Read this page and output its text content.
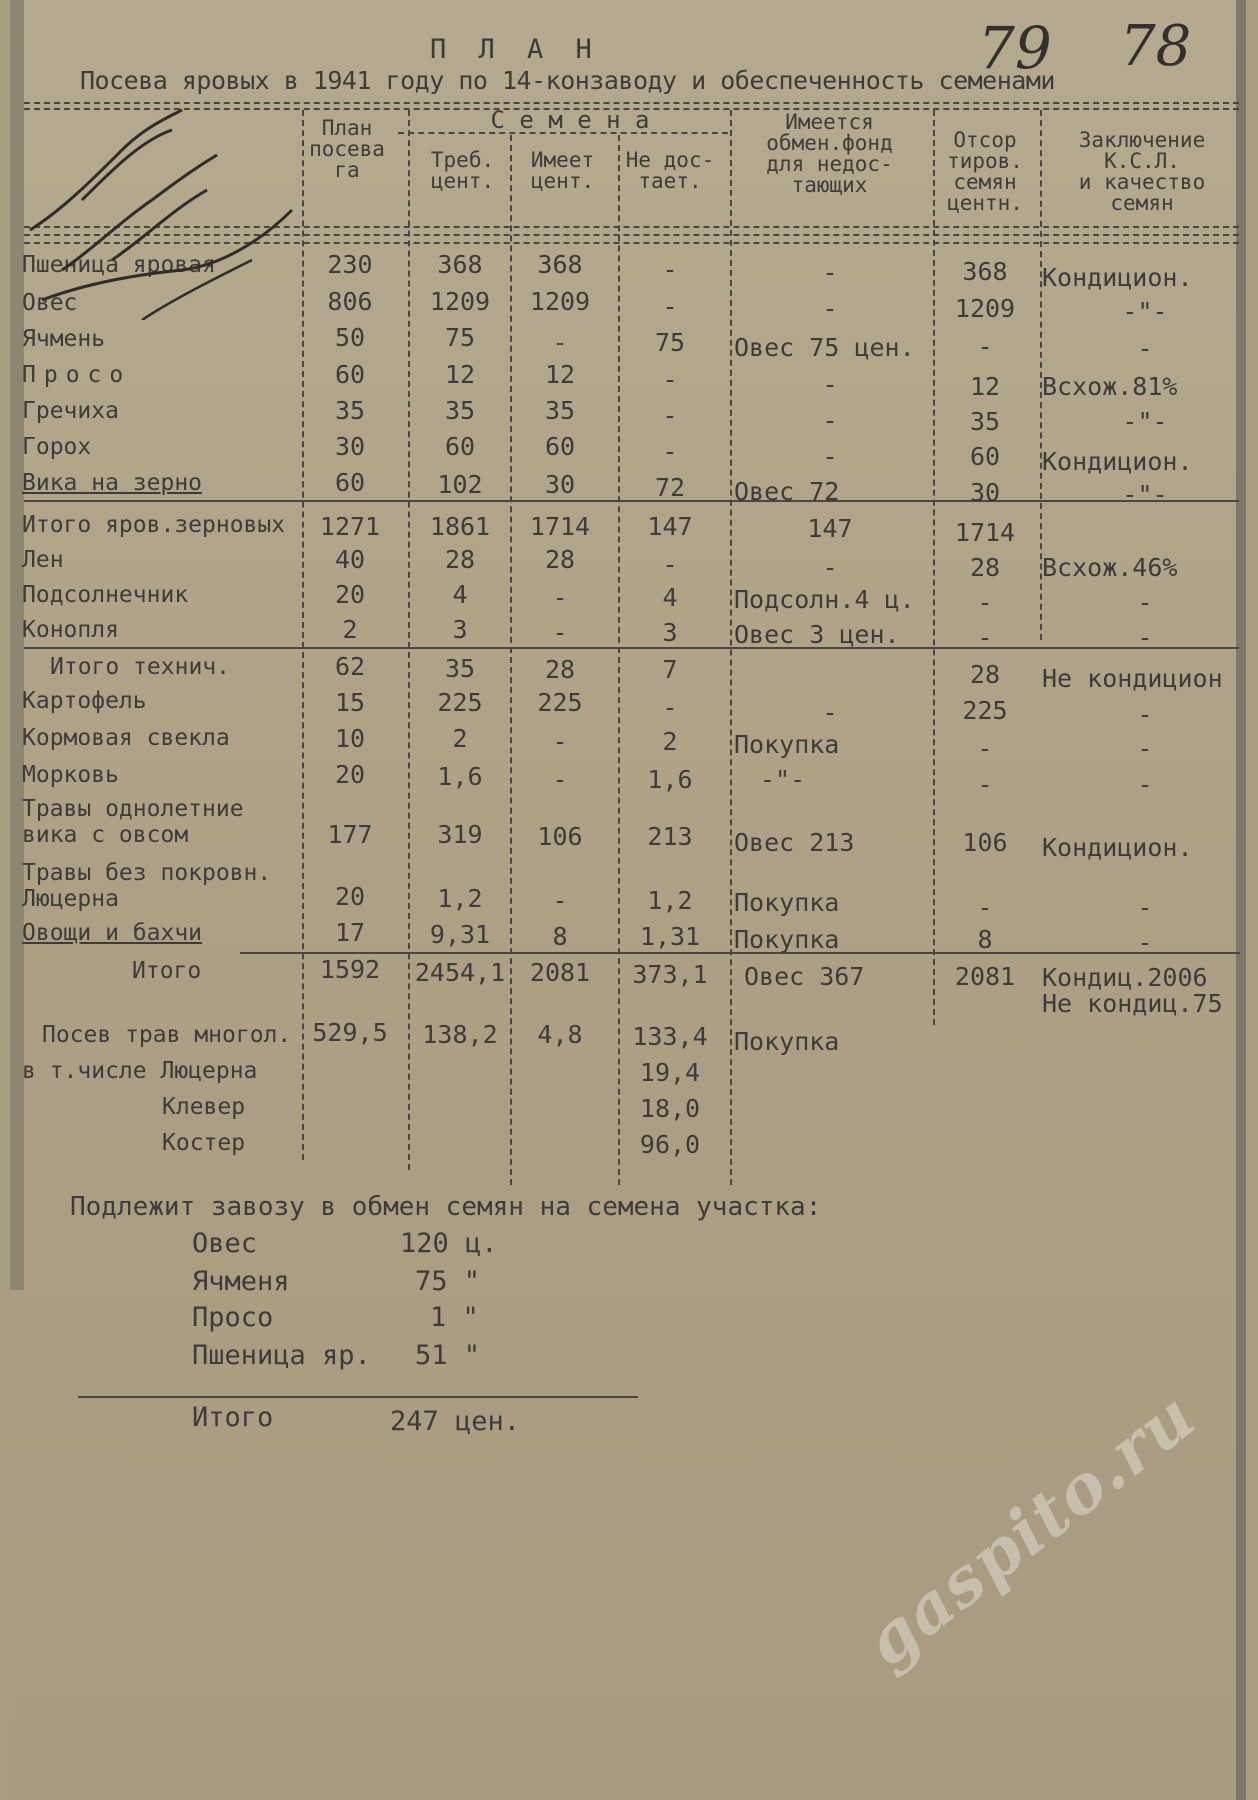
79 78
П Л А Н
Посева яровых в 1941 году по 14-конзаводу и обеспеченность семенами
План
посева
га
С е м е н а
Треб.
цент.
Имеет
цент.
Не дос-
тает.
Имеется
обмен.фонд
для недос-
тающих
Отсор
тиров.
семян
центн.
Заключение
К.С.Л.
и качество
семян
Пшеница яровая	230	368	368	-	-	368	Кондицион.
Овес	806	1209	1209	-	-	1209	-"-
Ячмень	50	75	-	75	Овес 75 цен.	-	-
Просо	60	12	12	-	-	12	Всхож.81%
Гречиха	35	35	35	-	-	35	-"-
Горох	30	60	60	-	-	60	Кондицион.
Вика на зерно	60	102	30	72	Овес 72	30	-"-
Итого яров.зерновых	1271	1861	1714	147	147	1714
Лен	40	28	28	-	-	28	Всхож.46%
Подсолнечник	20	4	-	4	Подсолн.4 ц.	-	-
Конопля	2	3	-	3	Овес 3 цен.	-	-
Итого технич.	62	35	28	7	28	Не кондицион
Картофель	15	225	225	-	-	225	-
Кормовая свекла	10	2	-	2	Покупка	-	-
Морковь	20	1,6	-	1,6	-"-	-	-
Травы однолетние
вика с овсом	177	319	106	213	Овес 213	106	Кондицион.
Травы без покровн.
Люцерна	20	1,2	-	1,2	Покупка	-	-
Овощи и бахчи	17	9,31	8	1,31	Покупка	8	-
Итого	1592	2454,1 2081	373,1	Овес 367	2081	Кондиц.2006
Не кондиц.75
Посев трав многол. 529,5	138,2	4,8	133,4	Покупка
в т.числе Люцерна	19,4
Клевер	18,0
Костер	96,0
Подлежит завозу в обмен семян на семена участка:
Овес	120 ц.
Ячменя	75 "
Просо	1 "
Пшеница яр. 51 "
Итого	247 цен.	gaspito.ru
